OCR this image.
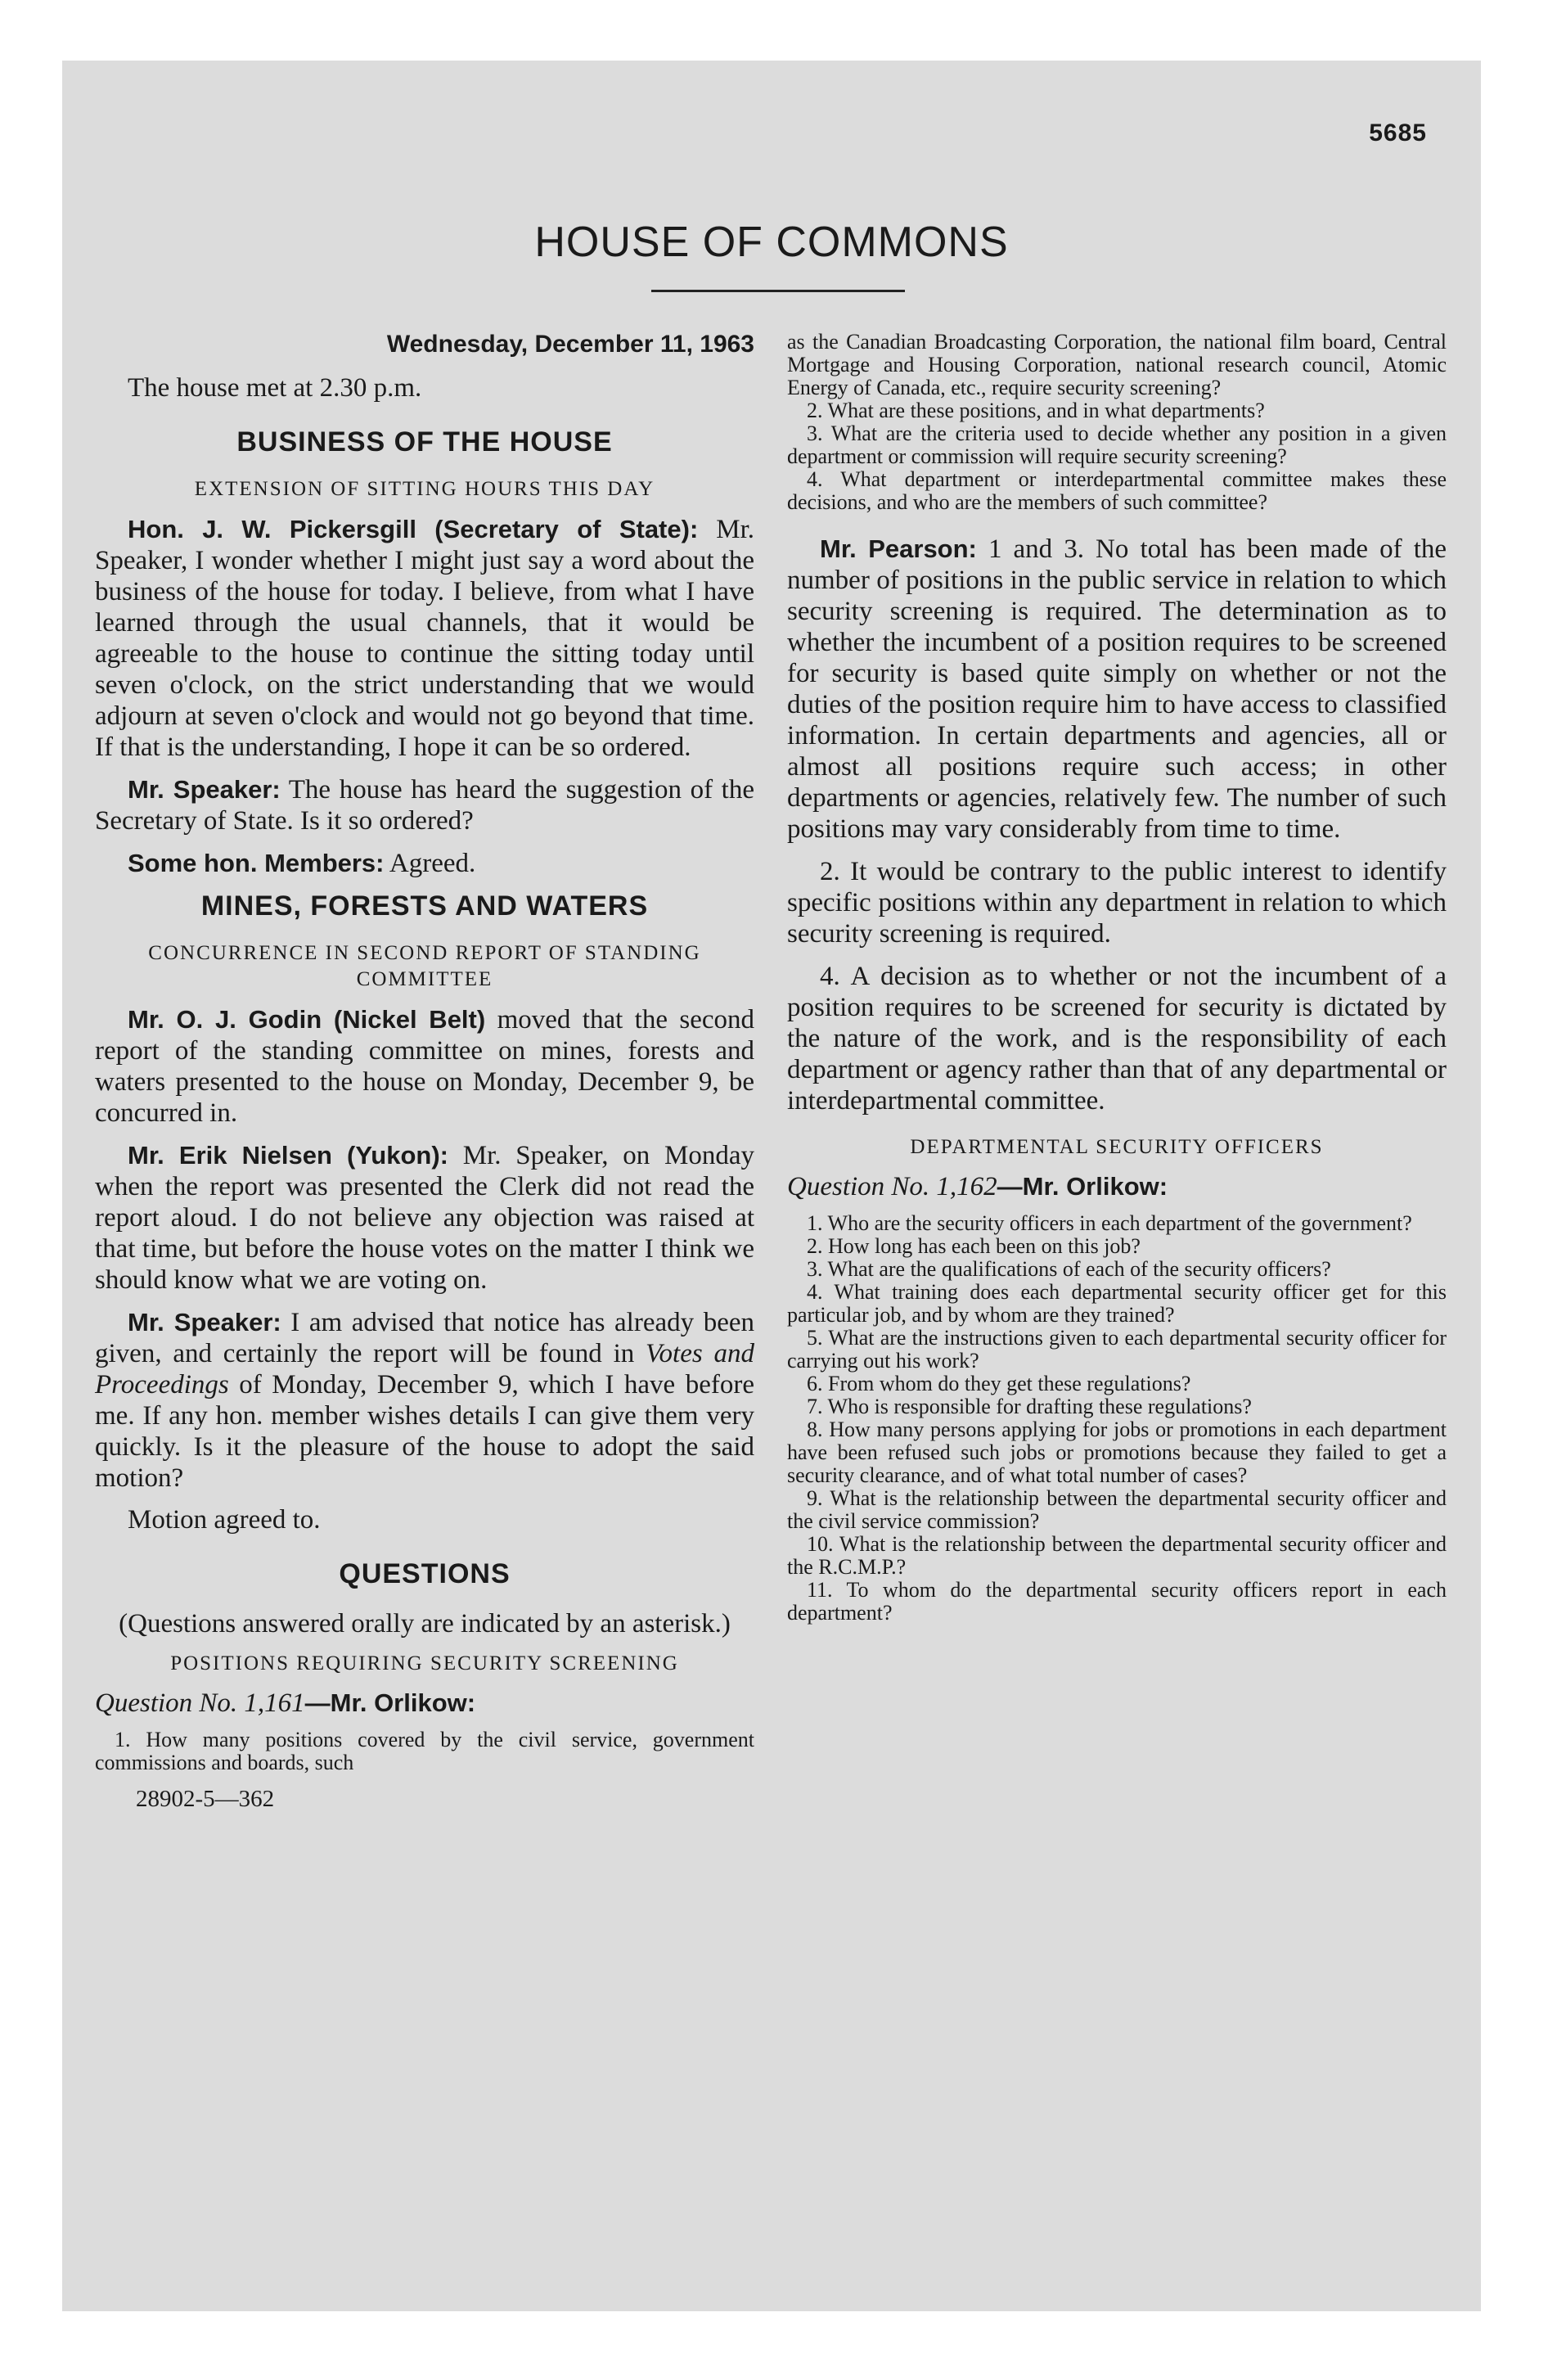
5685
HOUSE OF COMMONS

Wednesday, December 11, 1963

The house met at 2.30 p.m.

BUSINESS OF THE HOUSE

EXTENSION OF SITTING HOURS THIS DAY

Hon. J. W. Pickersgill (Secretary of State): Mr. Speaker, I wonder whether I might just say a word about the business of the house for today. I believe, from what I have learned through the usual channels, that it would be agreeable to the house to continue the sitting today until seven o'clock, on the strict understanding that we would adjourn at seven o'clock and would not go beyond that time. If that is the understanding, I hope it can be so ordered.

Mr. Speaker: The house has heard the suggestion of the Secretary of State. Is it so ordered?

Some hon. Members: Agreed.

MINES, FORESTS AND WATERS

CONCURRENCE IN SECOND REPORT OF STANDING COMMITTEE

Mr. O. J. Godin (Nickel Belt) moved that the second report of the standing committee on mines, forests and waters presented to the house on Monday, December 9, be concurred in.

Mr. Erik Nielsen (Yukon): Mr. Speaker, on Monday when the report was presented the Clerk did not read the report aloud. I do not believe any objection was raised at that time, but before the house votes on the matter I think we should know what we are voting on.

Mr. Speaker: I am advised that notice has already been given, and certainly the report will be found in Votes and Proceedings of Monday, December 9, which I have before me. If any hon. member wishes details I can give them very quickly. Is it the pleasure of the house to adopt the said motion?

Motion agreed to.

QUESTIONS

(Questions answered orally are indicated by an asterisk.)

POSITIONS REQUIRING SECURITY SCREENING

Question No. 1,161—Mr. Orlikow:

1. How many positions covered by the civil service, government commissions and boards, such

28902-5—362

as the Canadian Broadcasting Corporation, the national film board, Central Mortgage and Housing Corporation, national research council, Atomic Energy of Canada, etc., require security screening?

2. What are these positions, and in what departments?

3. What are the criteria used to decide whether any position in a given department or commission will require security screening?

4. What department or interdepartmental committee makes these decisions, and who are the members of such committee?

Mr. Pearson: 1 and 3. No total has been made of the number of positions in the public service in relation to which security screening is required. The determination as to whether the incumbent of a position requires to be screened for security is based quite simply on whether or not the duties of the position require him to have access to classified information. In certain departments and agencies, all or almost all positions require such access; in other departments or agencies, relatively few. The number of such positions may vary considerably from time to time.

2. It would be contrary to the public interest to identify specific positions within any department in relation to which security screening is required.

4. A decision as to whether or not the incumbent of a position requires to be screened for security is dictated by the nature of the work, and is the responsibility of each department or agency rather than that of any departmental or interdepartmental committee.

DEPARTMENTAL SECURITY OFFICERS

Question No. 1,162—Mr. Orlikow:

1. Who are the security officers in each department of the government?

2. How long has each been on this job?

3. What are the qualifications of each of the security officers?

4. What training does each departmental security officer get for this particular job, and by whom are they trained?

5. What are the instructions given to each departmental security officer for carrying out his work?

6. From whom do they get these regulations?

7. Who is responsible for drafting these regulations?

8. How many persons applying for jobs or promotions in each department have been refused such jobs or promotions because they failed to get a security clearance, and of what total number of cases?

9. What is the relationship between the departmental security officer and the civil service commission?

10. What is the relationship between the departmental security officer and the R.C.M.P.?

11. To whom do the departmental security officers report in each department?
